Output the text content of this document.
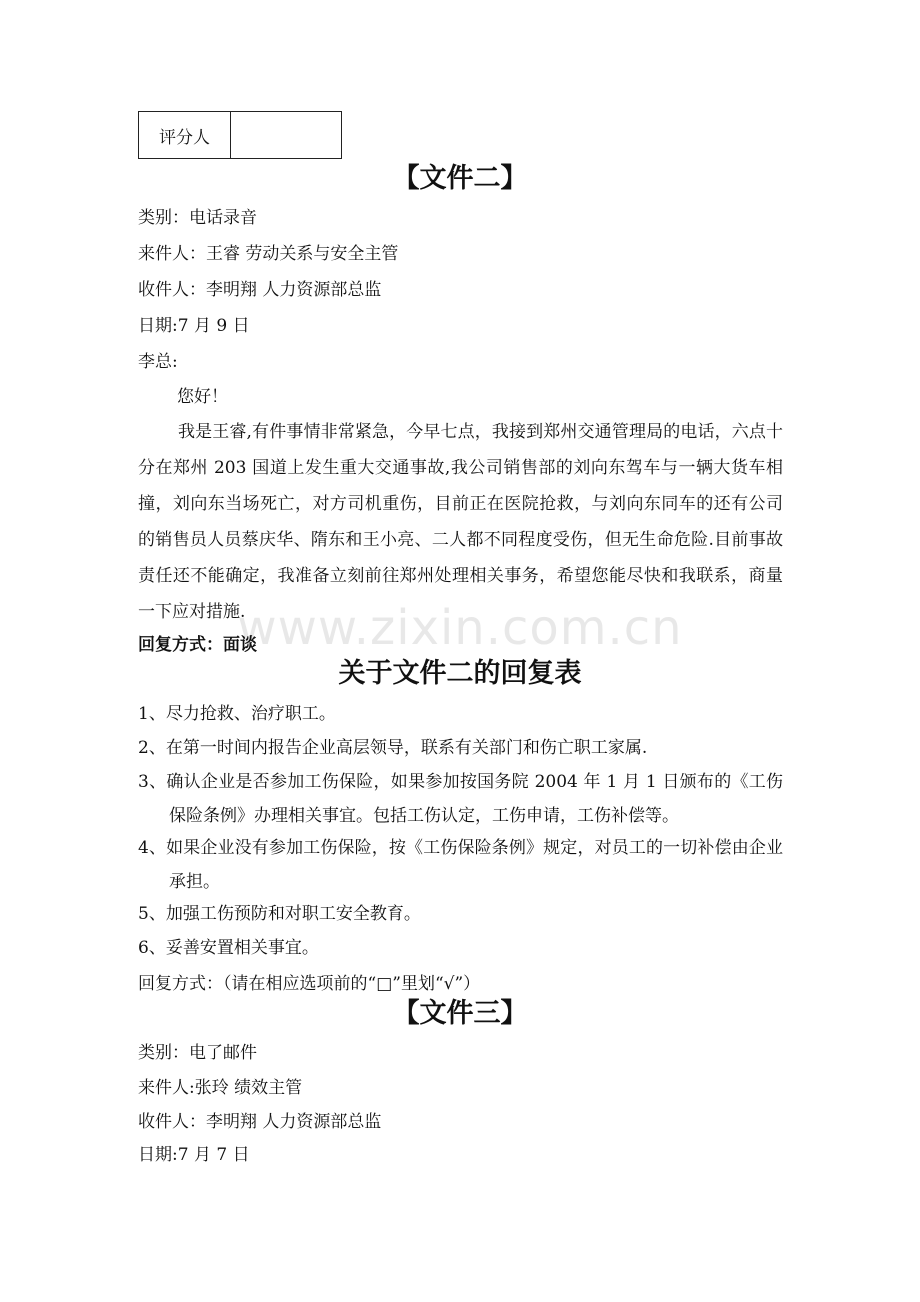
评分人	
【文件二】
类别：电话录音
来件人：王睿 劳动关系与安全主管
收件人：李明翔 人力资源部总监
日期:7 月 9 日
李总:
您好！
我是王睿,有件事情非常紧急，今早七点，我接到郑州交通管理局的电话，六点十分在郑州 203 国道上发生重大交通事故,我公司销售部的刘向东驾车与一辆大货车相撞，刘向东当场死亡，对方司机重伤，目前正在医院抢救，与刘向东同车的还有公司的销售员人员蔡庆华、隋东和王小亮、二人都不同程度受伤，但无生命危险.目前事故责任还不能确定，我准备立刻前往郑州处理相关事务，希望您能尽快和我联系，商量一下应对措施.
www.zixin.com.cn
回复方式：面谈
关于文件二的回复表
1、尽力抢救、治疗职工。
2、在第一时间内报告企业高层领导，联系有关部门和伤亡职工家属.
3、确认企业是否参加工伤保险，如果参加按国务院 2004 年 1 月 1 日颁布的《工伤保险条例》办理相关事宜。包括工伤认定，工伤申请，工伤补偿等。
4、如果企业没有参加工伤保险，按《工伤保险条例》规定，对员工的一切补偿由企业承担。
5、加强工伤预防和对职工安全教育。
6、妥善安置相关事宜。
回复方式：（请在相应选项前的“□”里划“√”）
【文件三】
类别：电了邮件
来件人:张玲 绩效主管
收件人：李明翔 人力资源部总监
日期:7 月 7 日
